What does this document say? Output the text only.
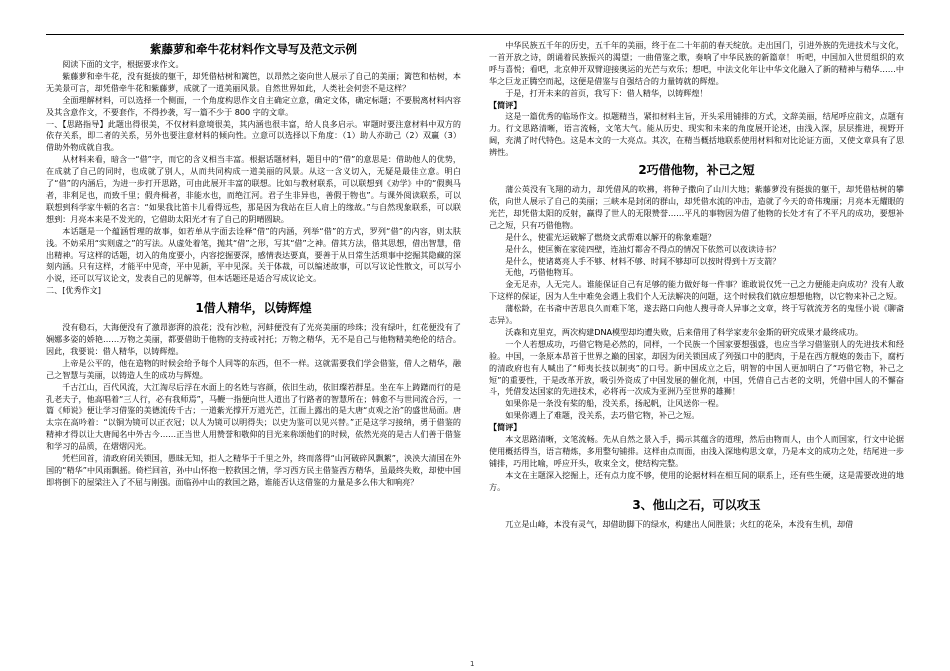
紫藤萝和牵牛花材料作文导写及范文示例

阅读下面的文字，根据要求作文。

紫藤萝和牵牛花，没有挺拔的躯干，却凭借枯树和篱笆，以昂然之姿向世人展示了自己的美丽；篱笆和枯树，本无美景可言，却凭借牵牛花和紫藤萝，成就了一道美丽风景。自然世界如此，人类社会何尝不是这样？

全面理解材料，可以选择一个侧面，一个角度构思作文自主确定立意，确定文体，确定标题；不要脱离材料内容及其含意作文，不要套作，不得抄袭，写一篇不少于 800 字的文章。

一、【思路指导】此题出得很美，不仅材料意境很美，其内涵也很丰富，给人良多启示。审题时要注意材料中双方的依存关系，即二者的关系，另外也要注意材料的倾向性。立意可以选择以下角度：（1）助人亦助己（2）双赢（3）借助外物成就自我。

从材料来看，暗含一“借”字，而它的含义相当丰富。根据话题材料，题目中的“借”的意思是：借助他人的优势，在成就了自己的同时，也成就了别人，从而共同构成一道美丽的风景。从这一含义切入，无疑是最佳立意。明白了“借”的内涵后，为进一步打开思路，可由此展开丰富的联想。比如与教材联系，可以联想到《劝学》中的“假舆马者，非利足也，而致千里；假舟楫者，非能水也，而绝江河。君子生非异也，善假于物也”。与课外阅读联系，可以联想到科学家牛顿的名言：“如果我比笛卡儿看得远些，那是因为我站在巨人肩上的缘故。”与自然现象联系，可以联想到：月亮本来是不发光的，它借助太阳光才有了自己的阴晴圆缺。

本话题是一个蕴涵哲理的故事，如若单从字面去诠释“借”的内涵，列举“借”的方式，罗列“借”的内容，则太肤浅。不妨采用“实则虚之”的写法。从虚处着笔，抛其“借”之形，写其“借”之神。借其方法，借其思想，借出智慧，借出精神。写这样的话题，切入的角度要小，内容挖掘要深，感情表达要真，要善于从日常生活琐事中挖掘其隐藏的深刻内涵。只有这样，才能平中见奇，平中见新，平中见深。关于体裁，可以编述故事，可以写议论性散文，可以写小小说，还可以写议论文，发表自己的见解等，但本话题还是适合写成议论文。

二、[优秀作文]

1借人精华，以铸辉煌

没有稳石，大海便没有了激昂澎湃的浪花；没有沙粒，河蚌便没有了光亮美丽的珍珠；没有绿叶，红花便没有了娴娜多姿的娇艳……万物之美丽，都要借助于他物的支持或衬托；万物之精华，无不是自己与他物精美绝伦的结合。因此，我要说：借人精华，以铸辉煌。

上帝是公平的，他在造物的时候会给予每个人同等的东西，但不一样。这就需要我们学会借鉴，借人之精华，融己之智慧与美丽，以铸造人生的成功与辉煌。

千古江山，百代风流，大江淘尽后浮在水面上的名姓与容颜，依旧生动，依旧璨若群星。坐在车上踌躇而行的是孔老夫子，他高唱着“三人行，必有我师焉”，马鞭一指便向世人道出了行路者的智慧所在；韩愈不与世同流合污，一篇《师说》便让学习借鉴的美德流传千古；一道紫光撑开万道光芒，江面上露出的是大唐“贞观之治”的盛世局面。唐太宗在高吟着：“以铜为镜可以正衣冠；以人为镜可以明得失；以史为鉴可以见兴替。”正是这学习接纳，勇于借鉴的精神才得以让大唐闻名中外古今……正当世人用赞誉和敬仰的目光来称颂他们的时候，依然光亮的是古人们善于借鉴和学习的品质，在熠熠闪光。

凭栏回首，清政府闭关锁国，愚昧无知，拒人之精华于千里之外，终而落得“山河破碎风飘絮”，泱泱大清国在外国的“精华”中风雨飘摇。倚栏回首，孙中山怀抱一腔救国之情，学习西方民主借鉴西方精华，虽最终失败，却使中国即将倒下的屋梁注入了不屈与刚强。面临孙中山的救国之路，谁能否认这借鉴的力量是多么伟大和响亮？

中华民族五千年的历史，五千年的美丽，终于在二十年前的春天绽放。走出国门，引进外族的先进技术与文化，一首开放之诗，朗诵着民族振兴的渴望；一曲借鉴之歌，奏响了中华民族的新篇章！ 听吧，中国加入世贸组织的欢呼与喜悦；看吧，北京伸开双臂迎接奥运的光芒与欢乐；想吧，中法文化年让中华文化融入了新的精神与精华……中华之巨龙正腾空而起，这便是借鉴与自强结合的力量铸就的辉煌。

于是，打开未来的首页，我写下：借人精华，以铸辉煌！

【简评】

这是一篇优秀的临场作文。拟题精当，紧扣材料主旨，开头采用铺排的方式，文辞美丽，结尾呼应前文，点题有力。行文思路清晰，语言流畅，文笔大气。能从历史、现实和未来的角度展开论述，由浅入深，层层推进，视野开阔，充满了时代特色。这是本文的一大亮点。其次，在精当概括地联系使用材料和对比论证方面，又使文章具有了思辨性。

2巧借他物，补己之短

蒲公英没有飞翔的动力，却凭借风的吹拂，将种子撒向了山川大地；紫藤萝没有挺拔的躯干，却凭借枯树的攀依，向世人展示了自己的美丽；三峡本是封闭的群山，却凭借水流的冲击，造就了今天的奇伟瑰丽；月亮本无耀眼的光芒，却凭借太阳的反射，赢得了世人的无限赞誉……平凡的事物因为借了他物的长处才有了不平凡的成功，要想补己之短，只有巧借他物。

是什么，使霍光运破解了燃烧文武帮难以解开的称象难题？

是什么，使匡衡在家徒四壁，连油灯都舍不得点的情况下依然可以夜读诗书？

是什么，使诸葛亮人手不够、材料不够、时间不够却可以按时得到十万支箭？

无他，巧借他物耳。

金无足赤，人无完人。谁能保证自己有足够的能力做好每一件事？谁敢说仅凭一己之力便能走向成功？没有人敢下这样的保证，因为人生中难免会遇上我们个人无法解决的问题，这个时候我们就应想想他物，以它物来补己之短。

蒲松龄，在书斋中苦思良久而难下笔，遂去路口向他人搜寻奇人异事之文章，终于写就流芳名的鬼怪小说《聊斋志异》。

沃森和克里克，两次构建DNA模型却均遭失败，后来借用了科学家麦尔金斯的研究成果才最终成功。

一个人若想成功，巧借它物是必然的，同样，一个民族一个国家要想强盛，也应当学习借鉴别人的先进技术和经验。中国，一条原本昂首于世界之巅的国家，却因为闭关锁国成了列强口中的肥肉，于是在西方舰炮的轰击下，腐朽的清政府也有人喊出了“师夷长技以制夷”的口号。新中国成立之后，明智的中国人更加明白了“巧借它物，补己之短”的重要性，于是改革开放，吸引外资成了中国发展的催化剂，中国，凭借自己古老的文明，凭借中国人的不懈奋斗，凭借发达国家的先进技术，必将再一次成为亚洲乃至世界的雄狮！

如果你是一条没有桨的船，没关系，扬起帆，让风送你一程。

如果你遇上了难题，没关系，去巧借它物，补己之短。

【简评】

本文思路清晰，文笔流畅。先从自然之景入手，揭示其蕴含的道理，然后由物而人，由个人而国家，行文中论据使用概括得当，语言精炼，多用整句铺排。这样由点而面，由浅入深地构思文章，乃是本文的成功之处，结尾进一步铺排，巧用比喻，呼应开头，收束全文，使结构完整。

本文在主题深入挖掘上，还有点力度不够，使用的论据材料在相互间的联系上，还有些生硬，这是需要改进的地方。

3、他山之石，可以攻玉

兀立是山峰，本没有灵气，却借助脚下的绿水，构建出人间胜景；火红的花朵，本没有生机，却借

1
